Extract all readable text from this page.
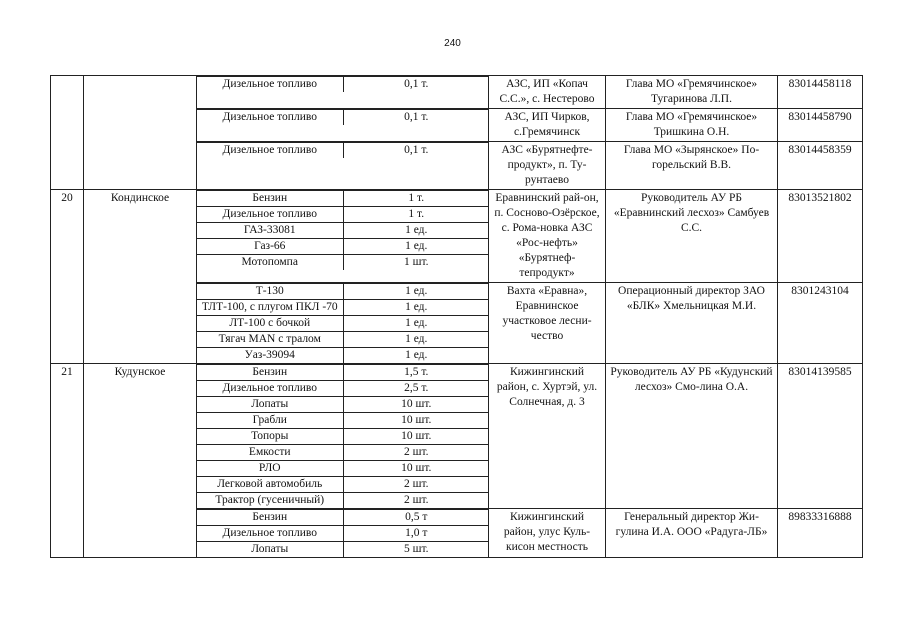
240

Дизельное топливо	0,1 т.
		АЗС, ИП «Копач С.С.», с. Нестерово	Глава МО «Гремячинское» Тугаринова Л.П.	83014458118

Дизельное топливо	0,1 т.
		АЗС, ИП Чирков, с.Гремячинск	Глава МО «Гремячинское» Тришкина О.Н.	83014458790

Дизельное топливо	0,1 т.
		АЗС «Бурятнефте-продукт», п. Ту-рунтаево	Глава МО «Зырянское» По-горельский В.В.	83014458359
20	Кондинское		Бензин	1 т.
Дизельное топливо	1 т.
ГАЗ-33081	1 ед.
Газ-66	1 ед.
Мотопомпа	1 шт.
	Еравнинский рай-он, п. Сосново-Озёрское, с. Рома-новка АЗС «Рос-нефть» «Бурятнеф-тепродукт»	Руководитель АУ РБ «Еравнинский лесхоз» Самбуев С.С.	83013521802

Т-130	1 ед.
ТЛТ-100, с плугом ПКЛ -70	1 ед.
ЛТ-100 с бочкой	1 ед.
Тягач MAN с тралом	1 ед.
Уаз-39094	1 ед.
	Вахта «Еравна», Еравнинское участковое лесни-чество	Операционный директор ЗАО «БЛК» Хмельницкая М.И.	8301243104
21	Кудунское		Бензин	1,5 т.
Дизельное топливо	2,5 т.
Лопаты	10 шт.
Грабли	10 шт.
Топоры	10 шт.
Емкости	2 шт.
РЛО	10 шт.
Легковой автомобиль	2 шт.
Трактор (гусеничный)	2 шт.
	Кижингинский район, с. Хуртэй, ул. Солнечная, д. 3	Руководитель АУ РБ «Кудунский лесхоз» Смо-лина О.А.	83014139585

Бензин	0,5 т
Дизельное топливо	1,0 т
Лопаты	5 шт.
	Кижингинский район, улус Куль-кисон местность	Генеральный директор Жи-гулина И.А. ООО «Радуга-ЛБ»	89833316888
